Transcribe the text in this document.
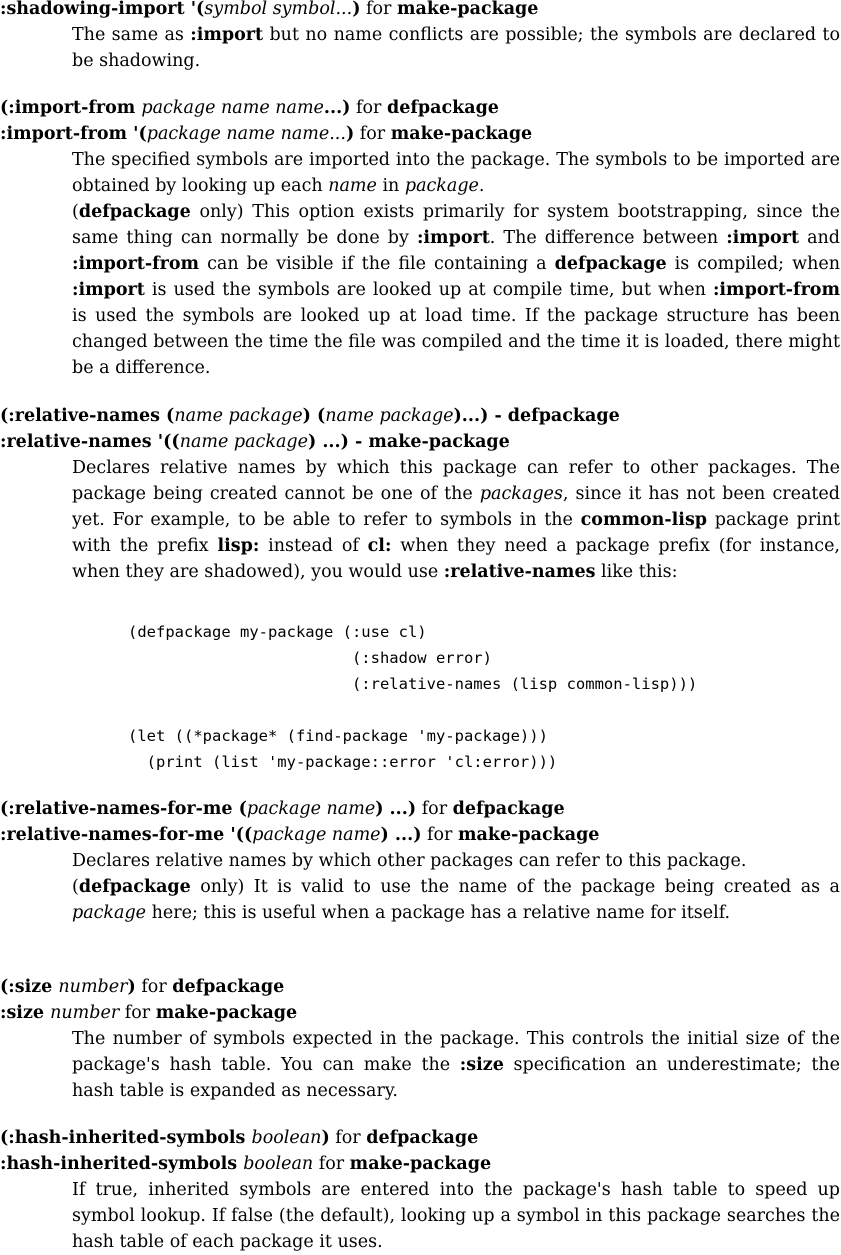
:shadowing-import '(symbol symbol...) for make-package
The same as :import but no name conflicts are possible; the symbols are declared to be shadowing.
(:import-from package name name...) for defpackage
:import-from '(package name name...) for make-package
The specified symbols are imported into the package. The symbols to be imported are obtained by looking up each name in package.
(defpackage only) This option exists primarily for system bootstrapping, since the same thing can normally be done by :import. The difference between :import and :import-from can be visible if the file containing a defpackage is compiled; when :import is used the symbols are looked up at compile time, but when :import-from is used the symbols are looked up at load time. If the package structure has been changed between the time the file was compiled and the time it is loaded, there might be a difference.
(:relative-names (name package) (name package)...) - defpackage
:relative-names '((name package) ...) - make-package
Declares relative names by which this package can refer to other packages. The package being created cannot be one of the packages, since it has not been created yet. For example, to be able to refer to symbols in the common-lisp package print with the prefix lisp: instead of cl: when they need a package prefix (for instance, when they are shadowed), you would use :relative-names like this:
(defpackage my-package (:use cl)
(:shadow error)
(:relative-names (lisp common-lisp)))

(let ((*package* (find-package 'my-package)))
(print (list 'my-package::error 'cl:error)))
(:relative-names-for-me (package name) ...) for defpackage
:relative-names-for-me '((package name) ...) for make-package
Declares relative names by which other packages can refer to this package.
(defpackage only) It is valid to use the name of the package being created as a package here; this is useful when a package has a relative name for itself.
(:size number) for defpackage
:size number for make-package
The number of symbols expected in the package. This controls the initial size of the package's hash table. You can make the :size specification an underestimate; the hash table is expanded as necessary.
(:hash-inherited-symbols boolean) for defpackage
:hash-inherited-symbols boolean for make-package
If true, inherited symbols are entered into the package's hash table to speed up symbol lookup. If false (the default), looking up a symbol in this package searches the hash table of each package it uses.
